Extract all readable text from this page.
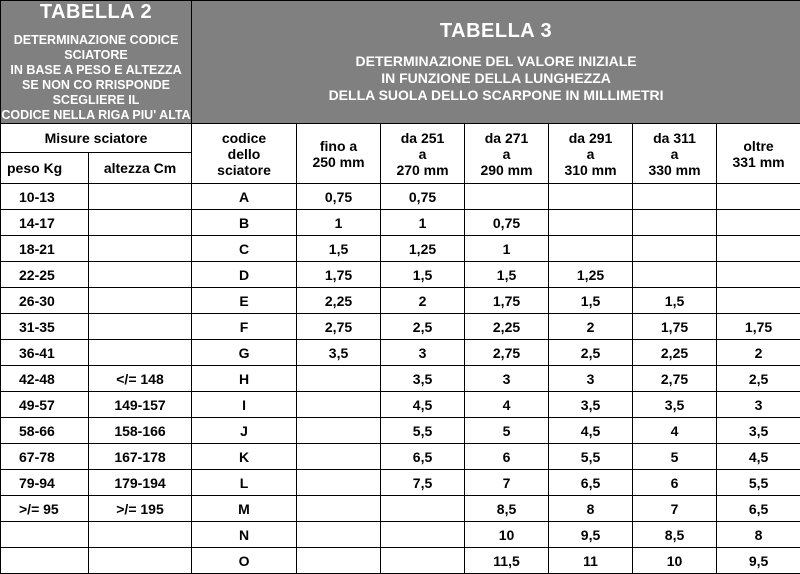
TABELLA 2
DETERMINAZIONE CODICE SCIATORE
IN BASE A PESO E ALTEZZA
SE NON CO RRISPONDE SCEGLIERE IL
CODICE NELLA RIGA PIU' ALTA		TABELLA 3
DETERMINAZIONE DEL VALORE INIZIALE
IN FUNZIONE DELLA LUNGHEZZA
DELLA SUOLA DELLO SCARPONE IN MILLIMETRI						

Misure sciatore		codice
dello
sciatore	fino a
250 mm	da 251
a
270 mm	da 271
a
290 mm	da 291
a
310 mm	da 311
a
330 mm	oltre
331 mm

peso Kg	altezza Cm							
10-13		A	0,75	0,75				
14-17		B	1	1	0,75			
18-21		C	1,5	1,25	1			
22-25		D	1,75	1,5	1,5	1,25		
26-30		E	2,25	2	1,75	1,5	1,5	
31-35		F	2,75	2,5	2,25	2	1,75	1,75
36-41		G	3,5	3	2,75	2,5	2,25	2
42-48	</= 148	H		3,5	3	3	2,75	2,5
49-57	149-157	I		4,5	4	3,5	3,5	3
58-66	158-166	J		5,5	5	4,5	4	3,5
67-78	167-178	K		6,5	6	5,5	5	4,5
79-94	179-194	L		7,5	7	6,5	6	5,5
>/= 95	>/= 195	M			8,5	8	7	6,5
		N			10	9,5	8,5	8
		O			11,5	11	10	9,5
